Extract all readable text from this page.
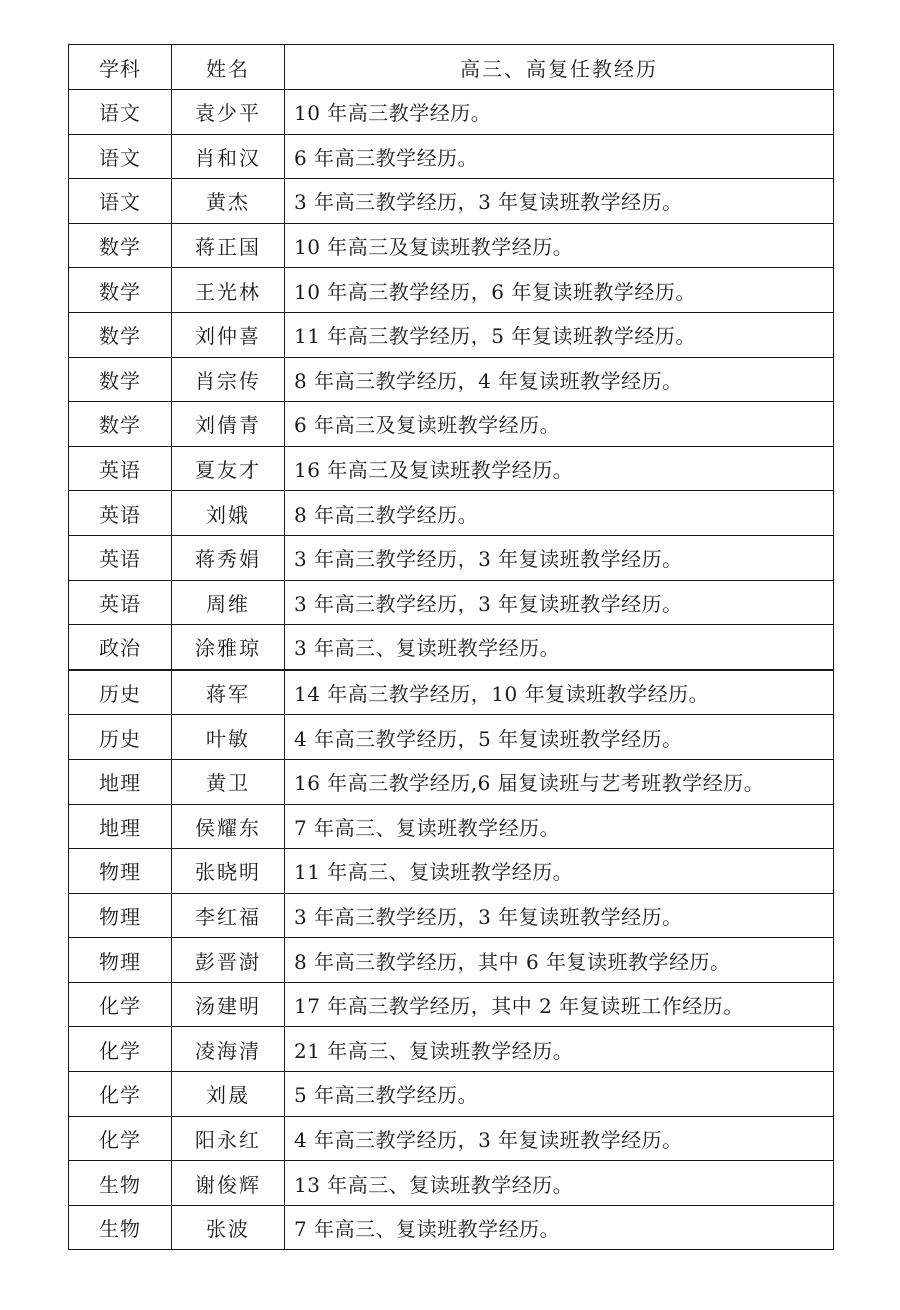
学科	姓名	高三、高复任教经历
语文	袁少平	10 年高三教学经历。
语文	肖和汉	6 年高三教学经历。
语文	黄杰	3 年高三教学经历，3 年复读班教学经历。
数学	蒋正国	10 年高三及复读班教学经历。
数学	王光林	10 年高三教学经历，6 年复读班教学经历。
数学	刘仲喜	11 年高三教学经历，5 年复读班教学经历。
数学	肖宗传	8 年高三教学经历，4 年复读班教学经历。
数学	刘倩青	6 年高三及复读班教学经历。
英语	夏友才	16 年高三及复读班教学经历。
英语	刘娥	8 年高三教学经历。
英语	蒋秀娟	3 年高三教学经历，3 年复读班教学经历。
英语	周维	3 年高三教学经历，3 年复读班教学经历。
政治	涂雅琼	3 年高三、复读班教学经历。
历史	蒋军	14 年高三教学经历，10 年复读班教学经历。
历史	叶敏	4 年高三教学经历，5 年复读班教学经历。
地理	黄卫	16 年高三教学经历,6 届复读班与艺考班教学经历。
地理	侯耀东	7 年高三、复读班教学经历。
物理	张晓明	11 年高三、复读班教学经历。
物理	李红福	3 年高三教学经历，3 年复读班教学经历。
物理	彭晋澍	8 年高三教学经历，其中 6 年复读班教学经历。
化学	汤建明	17 年高三教学经历，其中 2 年复读班工作经历。
化学	凌海清	21 年高三、复读班教学经历。
化学	刘晟	5 年高三教学经历。
化学	阳永红	4 年高三教学经历，3 年复读班教学经历。
生物	谢俊辉	13 年高三、复读班教学经历。
生物	张波	7 年高三、复读班教学经历。
